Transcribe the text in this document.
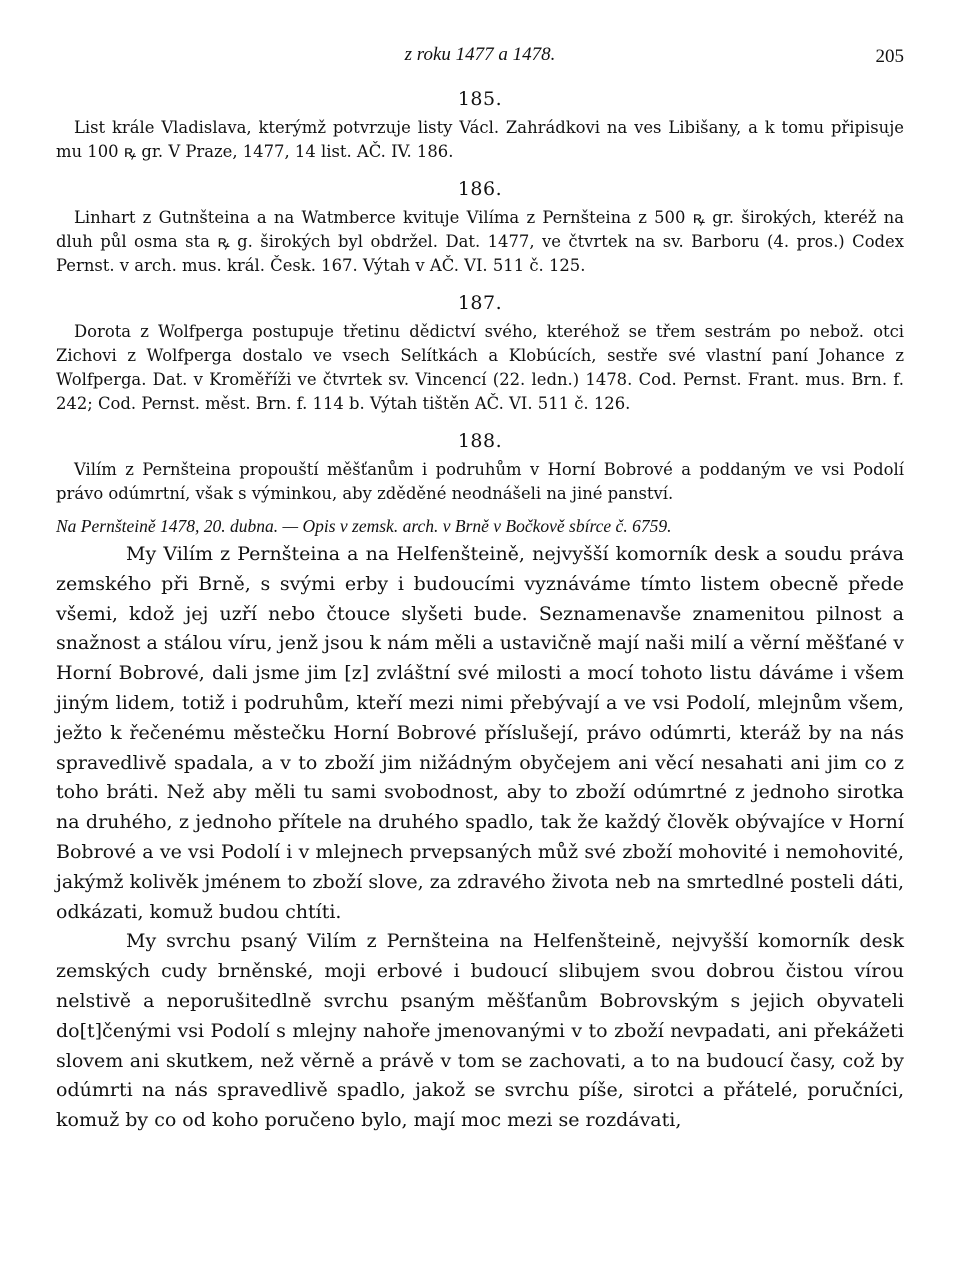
z roku 1477 a 1478.	205
185.

List krále Vladislava, kterýmž potvrzuje listy Václ. Zahrádkovi na ves Libišany, a k tomu připisuje mu 100 ꝶ gr. V Praze, 1477, 14 list. AČ. IV. 186.

186.

Linhart z Gutnšteina a na Watmberce kvituje Vilíma z Pernšteina z 500 ꝶ gr. širokých, kteréž na dluh půl osma sta ꝶ g. širokých byl obdržel. Dat. 1477, ve čtvrtek na sv. Barboru (4. pros.) Codex Pernst. v arch. mus. král. Česk. 167. Výtah v AČ. VI. 511 č. 125.

187.

Dorota z Wolfperga postupuje třetinu dědictví svého, kteréhož se třem sestrám po nebož. otci Zichovi z Wolfperga dostalo ve vsech Selítkách a Klobúcích, sestře své vlastní paní Johance z Wolfperga. Dat. v Kroměříži ve čtvrtek sv. Vincencí (22. ledn.) 1478. Cod. Pernst. Frant. mus. Brn. f. 242; Cod. Pernst. měst. Brn. f. 114 b. Výtah tištěn AČ. VI. 511 č. 126.

188.

Vilím z Pernšteina propouští měšťanům i podruhům v Horní Bobrové a poddaným ve vsi Podolí právo odúmrtní, však s výminkou, aby zděděné neodnášeli na jiné panství.

Na Pernšteině 1478, 20. dubna. — Opis v zemsk. arch. v Brně v Bočkově sbírce č. 6759.

My Vilím z Pernšteina a na Helfenšteině, nejvyšší komorník desk a soudu práva zemského při Brně, s svými erby i budoucími vyznáváme tímto listem obecně přede všemi, kdož jej uzří nebo čtouce slyšeti bude. Seznamenavše znamenitou pilnost a snažnost a stálou víru, jenž jsou k nám měli a ustavičně mají naši milí a věrní měšťané v Horní Bobrové, dali jsme jim [z] zvláštní své milosti a mocí tohoto listu dáváme i všem jiným lidem, totiž i podruhům, kteří mezi nimi přebývají a ve vsi Podolí, mlejnům všem, ježto k řečenému městečku Horní Bobrové příslušejí, právo odúmrti, kteráž by na nás spravedlivě spadala, a v to zboží jim nižádným obyčejem ani věcí nesahati ani jim co z toho bráti. Než aby měli tu sami svobodnost, aby to zboží odúmrtné z jednoho sirotka na druhého, z jednoho přítele na druhého spadlo, tak že každý člověk obývajíce v Horní Bobrové a ve vsi Podolí i v mlejnech prvepsaných můž své zboží mohovité i nemohovité, jakýmž kolivěk jménem to zboží slove, za zdravého života neb na smrtedlné posteli dáti, odkázati, komuž budou chtíti.

My svrchu psaný Vilím z Pernšteina na Helfenšteině, nejvyšší komorník desk zemských cudy brněnské, moji erbové i budoucí slibujem svou dobrou čistou vírou nelstivě a neporušitedlně svrchu psaným měšťanům Bobrovským s jejich obyvateli do[t]čenými vsi Podolí s mlejny nahoře jmenovanými v to zboží nevpadati, ani překážeti slovem ani skutkem, než věrně a právě v tom se zachovati, a to na budoucí časy, což by odúmrti na nás spravedlivě spadlo, jakož se svrchu píše, sirotci a přátelé, poručníci, komuž by co od koho poručeno bylo, mají moc mezi se rozdávati,
